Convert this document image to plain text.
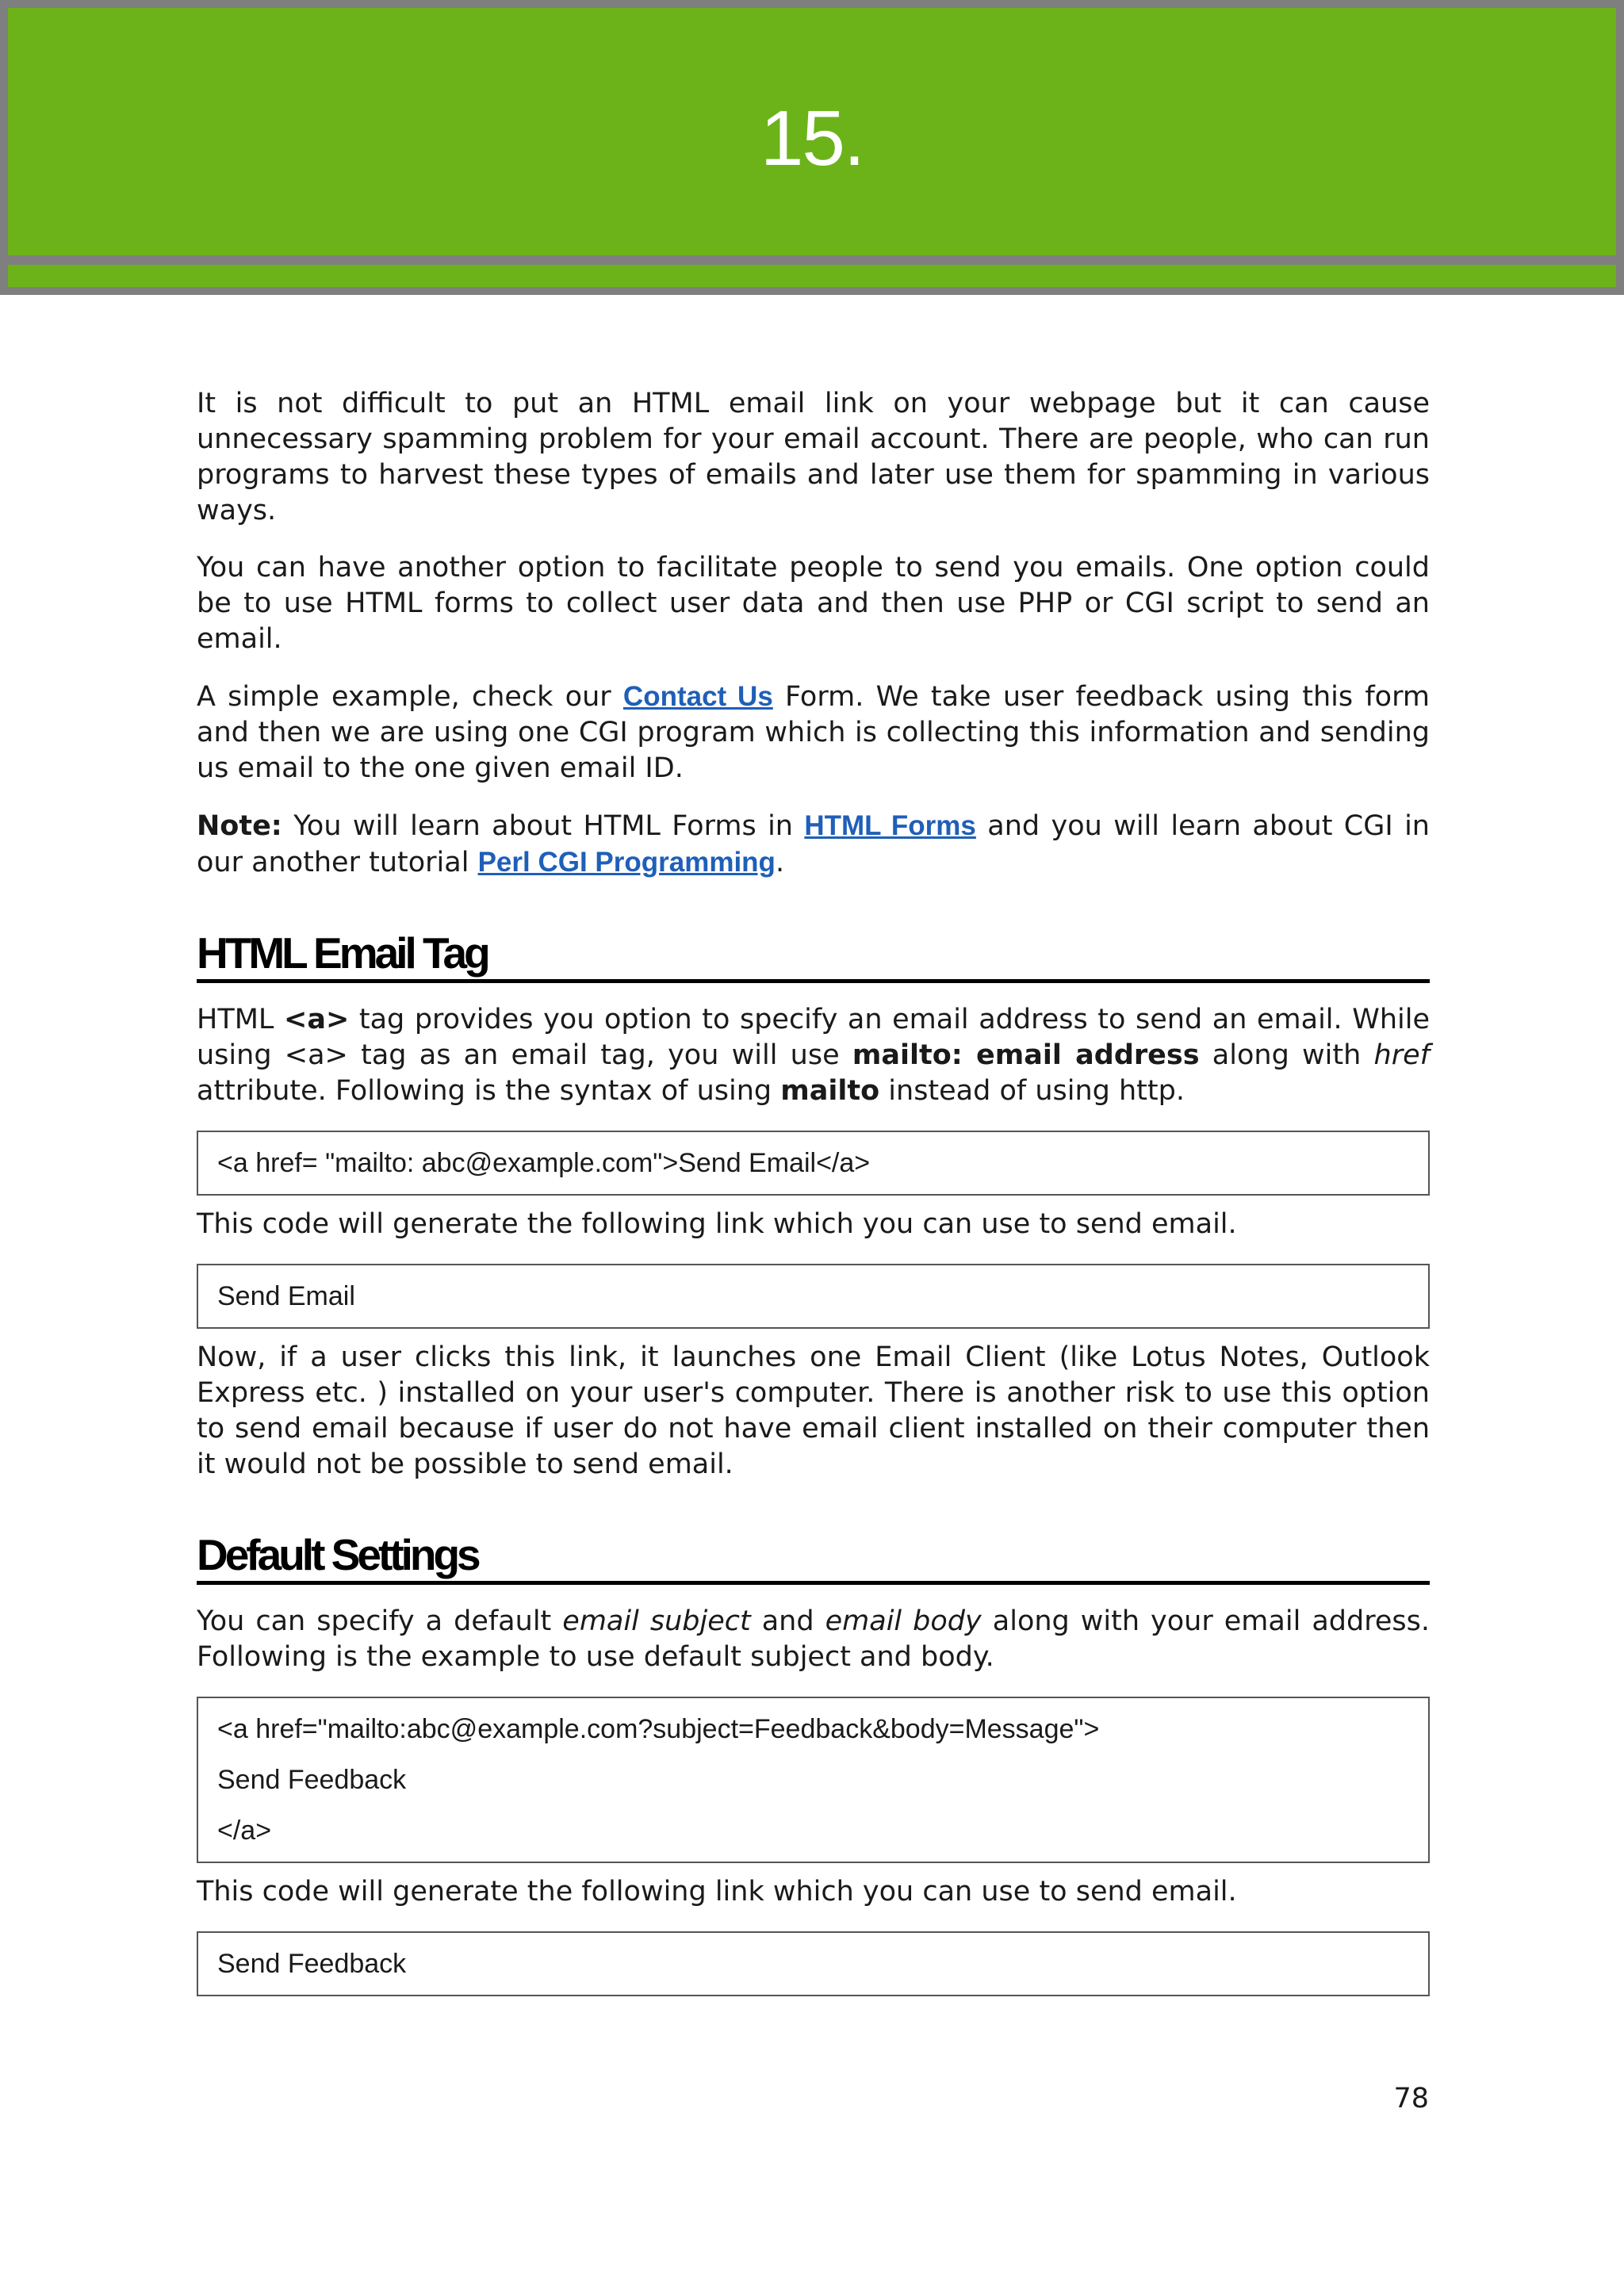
15.

It is not difficult to put an HTML email link on your webpage but it can cause unnecessary spamming problem for your email account. There are people, who can run programs to harvest these types of emails and later use them for spamming in various ways.

You can have another option to facilitate people to send you emails. One option could be to use HTML forms to collect user data and then use PHP or CGI script to send an email.

A simple example, check our Contact Us Form. We take user feedback using this form and then we are using one CGI program which is collecting this information and sending us email to the one given email ID.

Note: You will learn about HTML Forms in HTML Forms and you will learn about CGI in our another tutorial Perl CGI Programming.

HTML Email Tag

HTML <a> tag provides you option to specify an email address to send an email. While using <a> tag as an email tag, you will use mailto: email address along with href attribute. Following is the syntax of using mailto instead of using http.

<a href= "mailto: abc@example.com">Send Email</a>

This code will generate the following link which you can use to send email.

Send Email

Now, if a user clicks this link, it launches one Email Client (like Lotus Notes, Outlook Express etc. ) installed on your user's computer. There is another risk to use this option to send email because if user do not have email client installed on their computer then it would not be possible to send email.

Default Settings

You can specify a default email subject and email body along with your email address. Following is the example to use default subject and body.

<a href="mailto:abc@example.com?subject=Feedback&body=Message">
Send Feedback
</a>

This code will generate the following link which you can use to send email.

Send Feedback
78
